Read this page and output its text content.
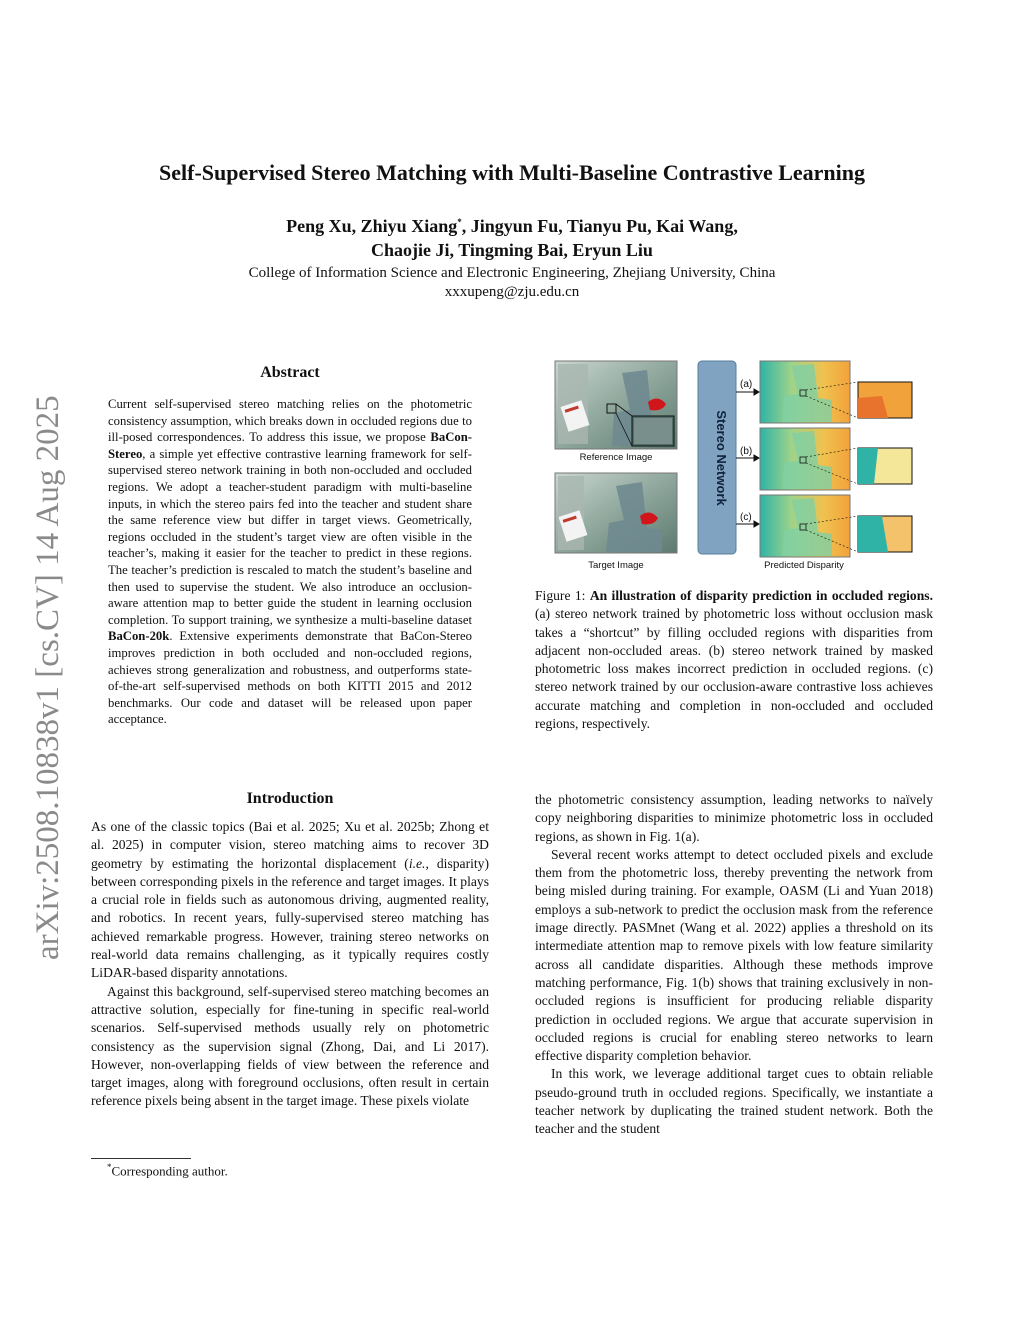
arXiv:2508.10838v1 [cs.CV] 14 Aug 2025
Self-Supervised Stereo Matching with Multi-Baseline Contrastive Learning
Peng Xu, Zhiyu Xiang*, Jingyun Fu, Tianyu Pu, Kai Wang,
Chaojie Ji, Tingming Bai, Eryun Liu
College of Information Science and Electronic Engineering, Zhejiang University, China
xxxupeng@zju.edu.cn
Abstract
Current self-supervised stereo matching relies on the photometric consistency assumption, which breaks down in occluded regions due to ill-posed correspondences. To address this issue, we propose BaCon-Stereo, a simple yet effective contrastive learning framework for self-supervised stereo network training in both non-occluded and occluded regions. We adopt a teacher-student paradigm with multi-baseline inputs, in which the stereo pairs fed into the teacher and student share the same reference view but differ in target views. Geometrically, regions occluded in the student’s target view are often visible in the teacher’s, making it easier for the teacher to predict in these regions. The teacher’s prediction is rescaled to match the student’s baseline and then used to supervise the student. We also introduce an occlusion-aware attention map to better guide the student in learning occlusion completion. To support training, we synthesize a multi-baseline dataset BaCon-20k. Extensive experiments demonstrate that BaCon-Stereo improves prediction in both occluded and non-occluded regions, achieves strong generalization and robustness, and outperforms state-of-the-art self-supervised methods on both KITTI 2015 and 2012 benchmarks. Our code and dataset will be released upon paper acceptance.
Introduction

As one of the classic topics (Bai et al. 2025; Xu et al. 2025b; Zhong et al. 2025) in computer vision, stereo matching aims to recover 3D geometry by estimating the horizontal displacement (i.e., disparity) between corresponding pixels in the reference and target images. It plays a crucial role in fields such as autonomous driving, augmented reality, and robotics. In recent years, fully-supervised stereo matching has achieved remarkable progress. However, training stereo networks on real-world data remains challenging, as it typically requires costly LiDAR-based disparity annotations.

Against this background, self-supervised stereo matching becomes an attractive solution, especially for fine-tuning in specific real-world scenarios. Self-supervised methods usually rely on photometric consistency as the supervision signal (Zhong, Dai, and Li 2017). However, non-overlapping fields of view between the reference and target images, along with foreground occlusions, often result in certain reference pixels being absent in the target image. These pixels violate

*Corresponding author.
Stereo Network
(a)
(b)
(c)
Reference Image
Target Image	Predicted Disparity
Figure 1: An illustration of disparity prediction in occluded regions. (a) stereo network trained by photometric loss without occlusion mask takes a “shortcut” by filling occluded regions with disparities from adjacent non-occluded areas. (b) stereo network trained by masked photometric loss makes incorrect prediction in occluded regions. (c) stereo network trained by our occlusion-aware contrastive loss achieves accurate matching and completion in non-occluded and occluded regions, respectively.

the photometric consistency assumption, leading networks to naïvely copy neighboring disparities to minimize photometric loss in occluded regions, as shown in Fig. 1(a).

Several recent works attempt to detect occluded pixels and exclude them from the photometric loss, thereby preventing the network from being misled during training. For example, OASM (Li and Yuan 2018) employs a sub-network to predict the occlusion mask from the reference image directly. PASMnet (Wang et al. 2022) applies a threshold on its intermediate attention map to remove pixels with low feature similarity across all candidate disparities. Although these methods improve matching performance, Fig. 1(b) shows that training exclusively in non-occluded regions is insufficient for producing reliable disparity prediction in occluded regions. We argue that accurate supervision in occluded regions is crucial for enabling stereo networks to learn effective disparity completion behavior.

In this work, we leverage additional target cues to obtain reliable pseudo-ground truth in occluded regions. Specifically, we instantiate a teacher network by duplicating the trained student network. Both the teacher and the student
